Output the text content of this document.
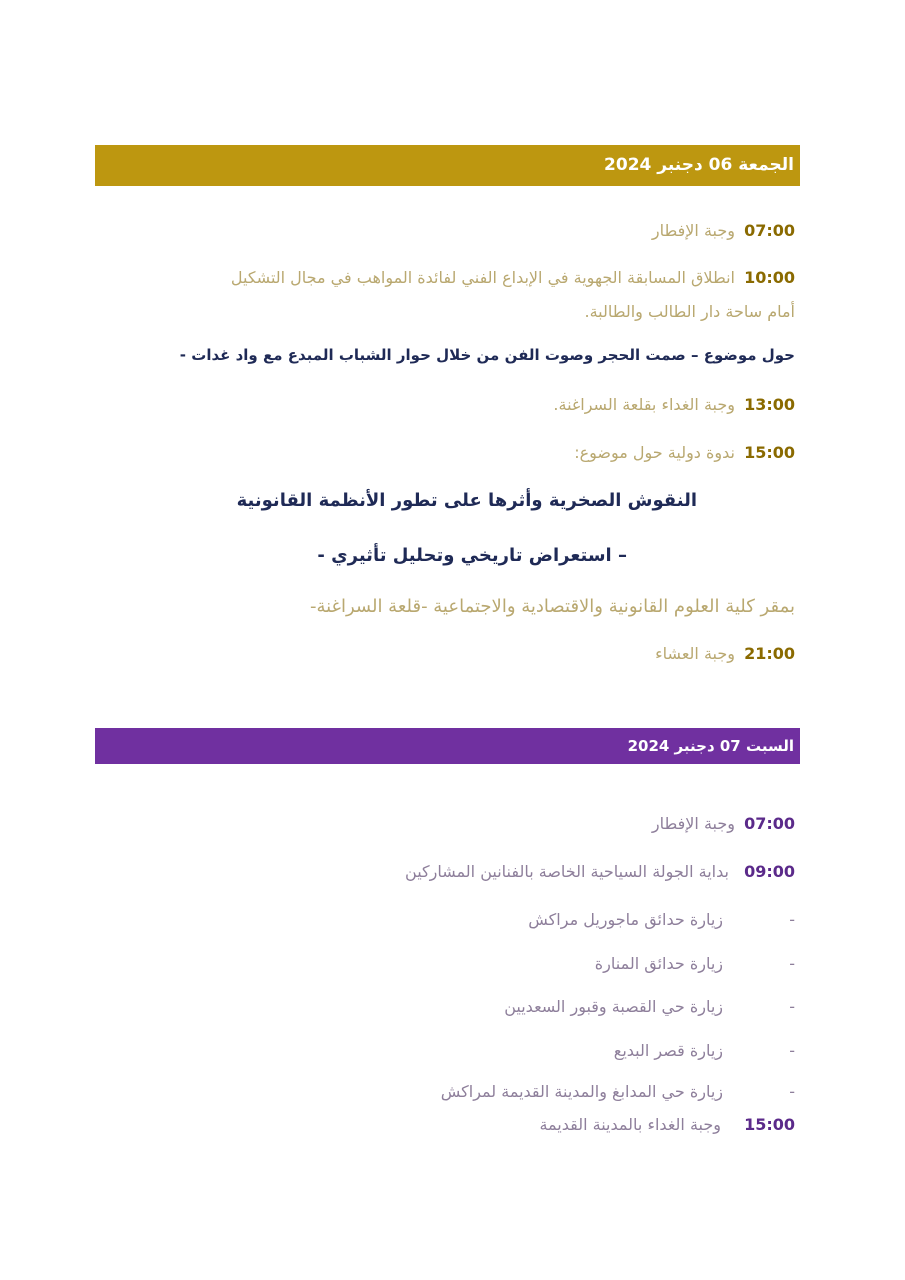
الجمعة 06 دجنبر 2024
07:00 وجبة الإفطار
10:00 انطلاق المسابقة الجهوية في الإبداع الفني لفائدة المواهب في مجال التشكيل
أمام ساحة دار الطالب والطالبة.
حول موضوع – صمت الحجر وصوت الفن من خلال حوار الشباب المبدع مع واد غدات -
13:00 وجبة الغداء بقلعة السراغنة.
15:00 ندوة دولية حول موضوع:
النقوش الصخرية وأثرها على تطور الأنظمة القانونية
– استعراض تاريخي وتحليل تأثيري -
بمقر كلية العلوم القانونية والاقتصادية والاجتماعية -قلعة السراغنة-
21:00 وجبة العشاء
السبت 07 دجنبر 2024
07:00 وجبة الإفطار
09:00 بداية الجولة السياحية الخاصة بالفنانين المشاركين
-زيارة حدائق ماجوريل مراكش
-زيارة حدائق المنارة
-زيارة حي القصبة وقبور السعديين
-زيارة قصر البديع
-زيارة حي المدابغ والمدينة القديمة لمراكش
15:00 وجبة الغداء بالمدينة القديمة
